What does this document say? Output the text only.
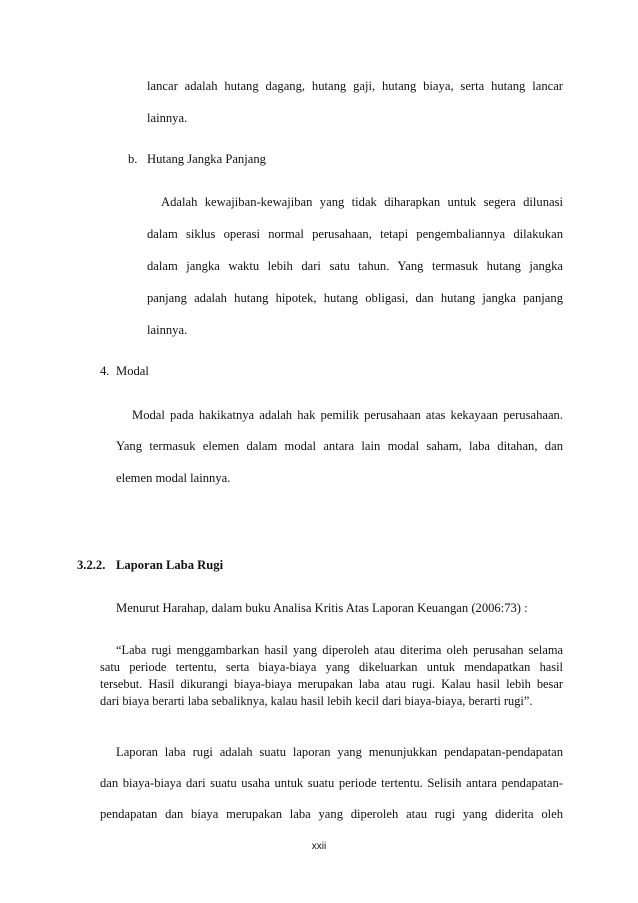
lancar adalah hutang dagang, hutang gaji, hutang biaya, serta hutang lancar

lainnya.

b. Hutang Jangka Panjang

Adalah kewajiban-kewajiban yang tidak diharapkan untuk segera dilunasi

dalam siklus operasi normal perusahaan, tetapi pengembaliannya dilakukan

dalam jangka waktu lebih dari satu tahun. Yang termasuk hutang jangka

panjang adalah hutang hipotek, hutang obligasi, dan hutang jangka panjang

lainnya.

4. Modal

Modal pada hakikatnya adalah hak pemilik perusahaan atas kekayaan perusahaan.

Yang termasuk elemen dalam modal antara lain modal saham, laba ditahan, dan

elemen modal lainnya.

3.2.2. Laporan Laba Rugi

Menurut Harahap, dalam buku Analisa Kritis Atas Laporan Keuangan (2006:73) :

“Laba rugi menggambarkan hasil yang diperoleh atau diterima oleh perusahan selama

satu periode tertentu, serta biaya-biaya yang dikeluarkan untuk mendapatkan hasil

tersebut. Hasil dikurangi biaya-biaya merupakan laba atau rugi. Kalau hasil lebih besar

dari biaya berarti laba sebaliknya, kalau hasil lebih kecil dari biaya-biaya, berarti rugi”.

Laporan laba rugi adalah suatu laporan yang menunjukkan pendapatan-pendapatan

dan biaya-biaya dari suatu usaha untuk suatu periode tertentu. Selisih antara pendapatan-

pendapatan dan biaya merupakan laba yang diperoleh atau rugi yang diderita oleh

xxii
